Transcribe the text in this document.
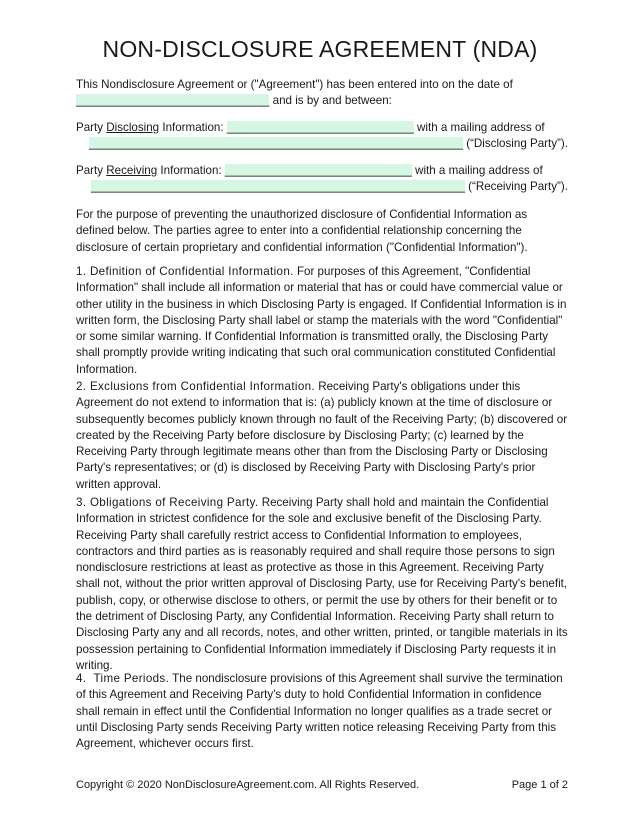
NON-DISCLOSURE AGREEMENT (NDA)
This Nondisclosure Agreement or ("Agreement") has been entered into on the date of
______________________________ and is by and between:
Party Disclosing Information: _____________________________ with a mailing address of
__________________________________________________________ (“Disclosing Party”).
Party Receiving Information: _____________________________ with a mailing address of
__________________________________________________________ (“Receiving Party”).

For the purpose of preventing the unauthorized disclosure of Confidential Information as defined below. The parties agree to enter into a confidential relationship concerning the disclosure of certain proprietary and confidential information ("Confidential Information").

1. Definition of Confidential Information. For purposes of this Agreement, "Confidential Information" shall include all information or material that has or could have commercial value or other utility in the business in which Disclosing Party is engaged. If Confidential Information is in written form, the Disclosing Party shall label or stamp the materials with the word "Confidential" or some similar warning. If Confidential Information is transmitted orally, the Disclosing Party shall promptly provide writing indicating that such oral communication constituted Confidential Information.

2. Exclusions from Confidential Information. Receiving Party's obligations under this Agreement do not extend to information that is: (a) publicly known at the time of disclosure or subsequently becomes publicly known through no fault of the Receiving Party; (b) discovered or created by the Receiving Party before disclosure by Disclosing Party; (c) learned by the Receiving Party through legitimate means other than from the Disclosing Party or Disclosing Party's representatives; or (d) is disclosed by Receiving Party with Disclosing Party's prior written approval.

3. Obligations of Receiving Party. Receiving Party shall hold and maintain the Confidential Information in strictest confidence for the sole and exclusive benefit of the Disclosing Party. Receiving Party shall carefully restrict access to Confidential Information to employees, contractors and third parties as is reasonably required and shall require those persons to sign nondisclosure restrictions at least as protective as those in this Agreement. Receiving Party shall not, without the prior written approval of Disclosing Party, use for Receiving Party's benefit, publish, copy, or otherwise disclose to others, or permit the use by others for their benefit or to the detriment of Disclosing Party, any Confidential Information. Receiving Party shall return to Disclosing Party any and all records, notes, and other written, printed, or tangible materials in its possession pertaining to Confidential Information immediately if Disclosing Party requests it in writing.

4.  Time Periods. The nondisclosure provisions of this Agreement shall survive the termination of this Agreement and Receiving Party's duty to hold Confidential Information in confidence shall remain in effect until the Confidential Information no longer qualifies as a trade secret or until Disclosing Party sends Receiving Party written notice releasing Receiving Party from this Agreement, whichever occurs first.

Copyright © 2020 NonDisclosureAgreement.com. All Rights Reserved.	Page 1 of 2
